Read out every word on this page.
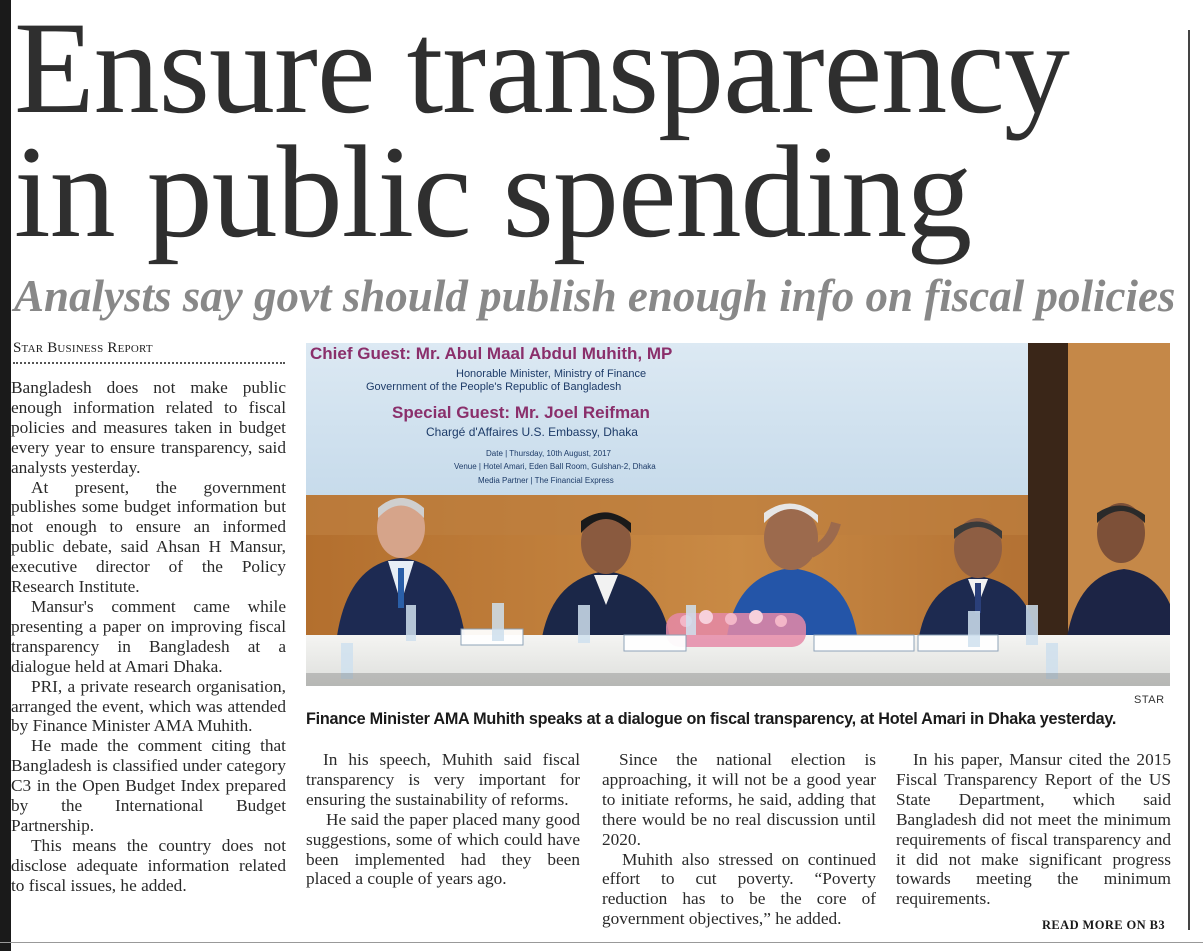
Ensure transparency
in public spending
Analysts say govt should publish enough info on fiscal policies
Star Business Report

Bangladesh does not make public enough information related to fiscal policies and measures taken in budget every year to ensure transparency, said analysts yesterday.

At present, the government publishes some budget information but not enough to ensure an informed public debate, said Ahsan H Mansur, executive director of the Policy Research Institute.

Mansur's comment came while presenting a paper on improving fiscal transparency in Bangladesh at a dialogue held at Amari Dhaka.

PRI, a private research organisation, arranged the event, which was attended by Finance Minister AMA Muhith.

He made the comment citing that Bangladesh is classified under category C3 in the Open Budget Index prepared by the International Budget Partnership.

This means the country does not disclose adequate information related to fiscal issues, he added.

Chief Guest: Mr. Abul Maal Abdul Muhith, MP
Honorable Minister, Ministry of Finance
Government of the People's Republic of Bangladesh
Special Guest: Mr. Joel Reifman
Chargé d'Affaires U.S. Embassy, Dhaka
Date | Thursday, 10th August, 2017
Venue | Hotel Amari, Eden Ball Room, Gulshan-2, Dhaka
Media Partner | The Financial Express
STAR
Finance Minister AMA Muhith speaks at a dialogue on fiscal transparency, at Hotel Amari in Dhaka yesterday.

In his speech, Muhith said fiscal transparency is very important for ensuring the sustainability of reforms.

He said the paper placed many good suggestions, some of which could have been implemented had they been placed a couple of years ago.

Since the national election is approaching, it will not be a good year to initiate reforms, he said, adding that there would be no real discussion until 2020.

Muhith also stressed on continued effort to cut poverty. “Poverty reduction has to be the core of government objectives,” he added.

In his paper, Mansur cited the 2015 Fiscal Transparency Report of the US State Department, which said Bangladesh did not meet the minimum requirements of fiscal transparency and it did not make significant progress towards meeting the minimum requirements.

READ MORE ON B3
